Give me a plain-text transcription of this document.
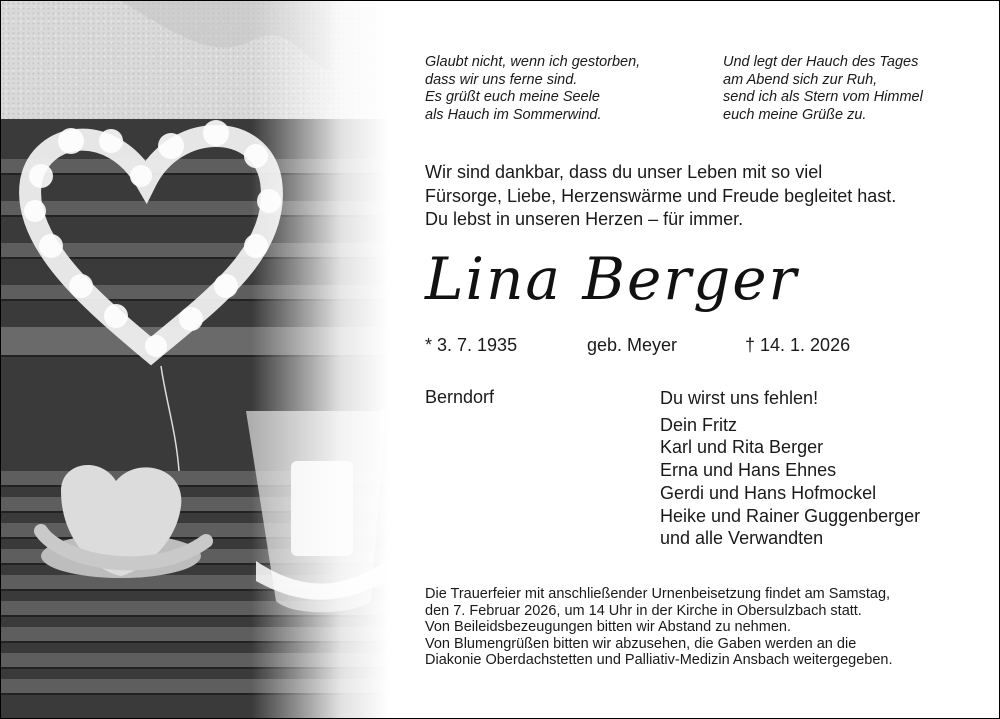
Glaubt nicht, wenn ich gestorben,
dass wir uns ferne sind.
Es grüßt euch meine Seele
als Hauch im Sommerwind.
Und legt der Hauch des Tages
am Abend sich zur Ruh,
send ich als Stern vom Himmel
euch meine Grüße zu.
Wir sind dankbar, dass du unser Leben mit so viel
Fürsorge, Liebe, Herzenswärme und Freude begleitet hast.
Du lebst in unseren Herzen – für immer.
Lina Berger
* 3. 7. 1935	geb. Meyer	† 14. 1. 2026
Berndorf	Du wirst uns fehlen!
Dein Fritz
Karl und Rita Berger
Erna und Hans Ehnes
Gerdi und Hans Hofmockel
Heike und Rainer Guggenberger
und alle Verwandten
Die Trauerfeier mit anschließender Urnenbeisetzung findet am Samstag,
den 7. Februar 2026, um 14 Uhr in der Kirche in Obersulzbach statt.
Von Beileidsbezeugungen bitten wir Abstand zu nehmen.
Von Blumengrüßen bitten wir abzusehen, die Gaben werden an die
Diakonie Oberdachstetten und Palliativ-Medizin Ansbach weitergegeben.
